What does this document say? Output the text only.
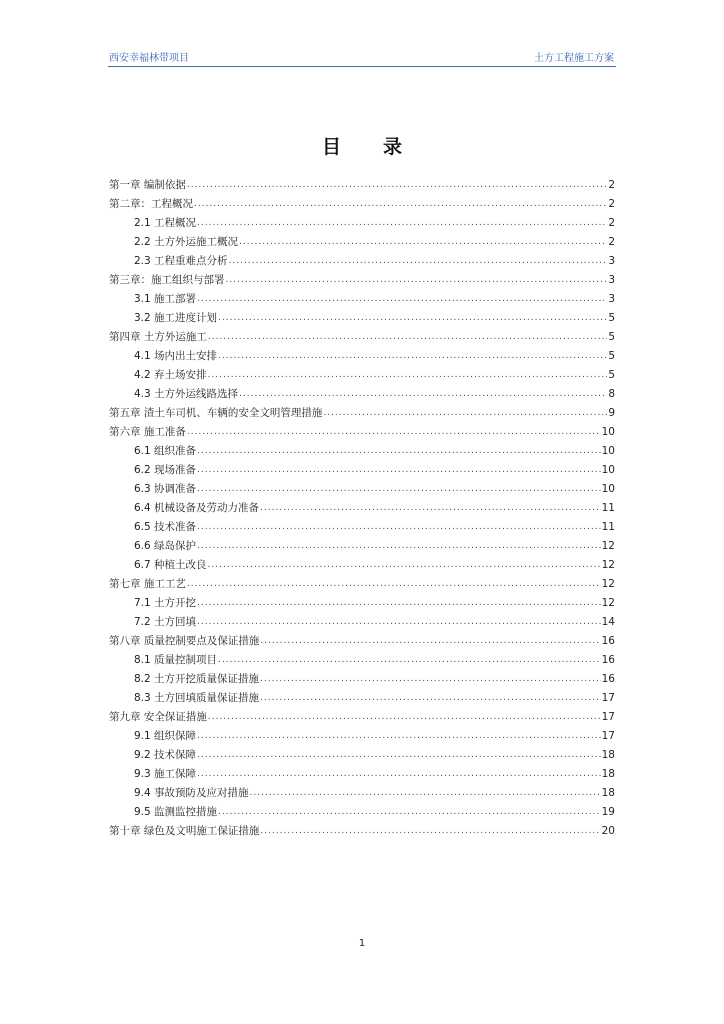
西安幸福林带项目	土方工程施工方案
目录
第一章 编制依据 .....	2
第二章：工程概况 .....	2
2.1 工程概况 .....	2
2.2 土方外运施工概况 .....	2
2.3 工程重难点分析 .....	3
第三章：施工组织与部署 .....	3
3.1 施工部署 .....	3
3.2 施工进度计划 .....	5
第四章 土方外运施工 .....	5
4.1 场内出土安排 .....	5
4.2 弃土场安排 .....	5
4.3 土方外运线路选择 .....	8
第五章 渣土车司机、车辆的安全文明管理措施 .....	9
第六章 施工准备 .....	10
6.1 组织准备 .....	10
6.2 现场准备 .....	10
6.3 协调准备 .....	10
6.4 机械设备及劳动力准备 .....	11
6.5 技术准备 .....	11
6.6 绿岛保护 .....	12
6.7 种植土改良 .....	12
第七章 施工工艺 .....	12
7.1 土方开挖 .....	12
7.2 土方回填 .....	14
第八章 质量控制要点及保证措施 .....	16
8.1 质量控制项目 .....	16
8.2 土方开挖质量保证措施 .....	16
8.3 土方回填质量保证措施 .....	17
第九章 安全保证措施 .....	17
9.1 组织保障 .....	17
9.2 技术保障 .....	18
9.3 施工保障 .....	18
9.4 事故预防及应对措施 .....	18
9.5 监测监控措施 .....	19
第十章 绿色及文明施工保证措施 .....	20
1
